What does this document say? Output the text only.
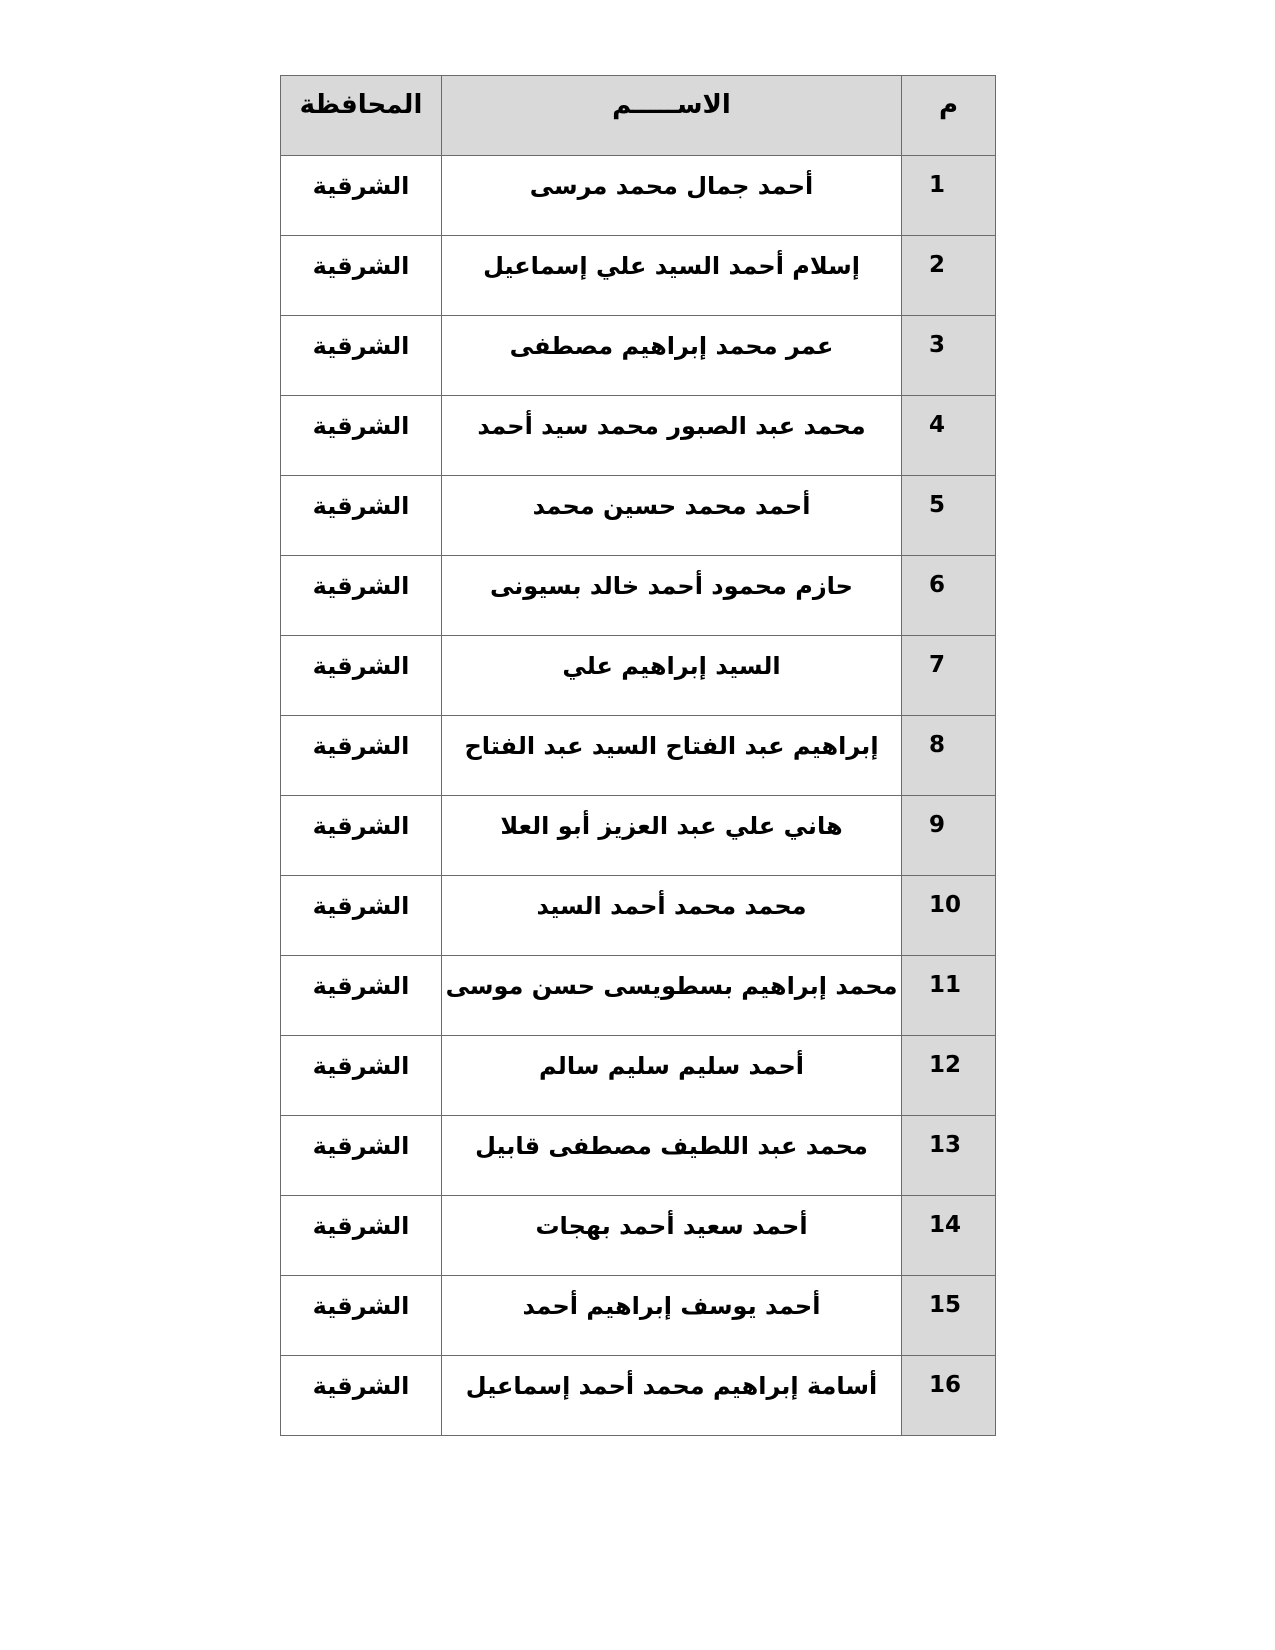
المحافظة	الاســـــم	م
الشرقية	أحمد جمال محمد مرسى	1
الشرقية	إسلام أحمد السيد علي إسماعيل	2
الشرقية	عمر محمد إبراهيم مصطفى	3
الشرقية	محمد عبد الصبور محمد سيد أحمد	4
الشرقية	أحمد محمد حسين محمد	5
الشرقية	حازم محمود أحمد خالد بسيونى	6
الشرقية	السيد إبراهيم علي	7
الشرقية	إبراهيم عبد الفتاح السيد عبد الفتاح	8
الشرقية	هاني علي عبد العزيز أبو العلا	9
الشرقية	محمد محمد أحمد السيد	10
الشرقية	محمد إبراهيم بسطويسى حسن موسى	11
الشرقية	أحمد سليم سليم سالم	12
الشرقية	محمد عبد اللطيف مصطفى قابيل	13
الشرقية	أحمد سعيد أحمد بهجات	14
الشرقية	أحمد يوسف إبراهيم أحمد	15
الشرقية	أسامة إبراهيم محمد أحمد إسماعيل	16
